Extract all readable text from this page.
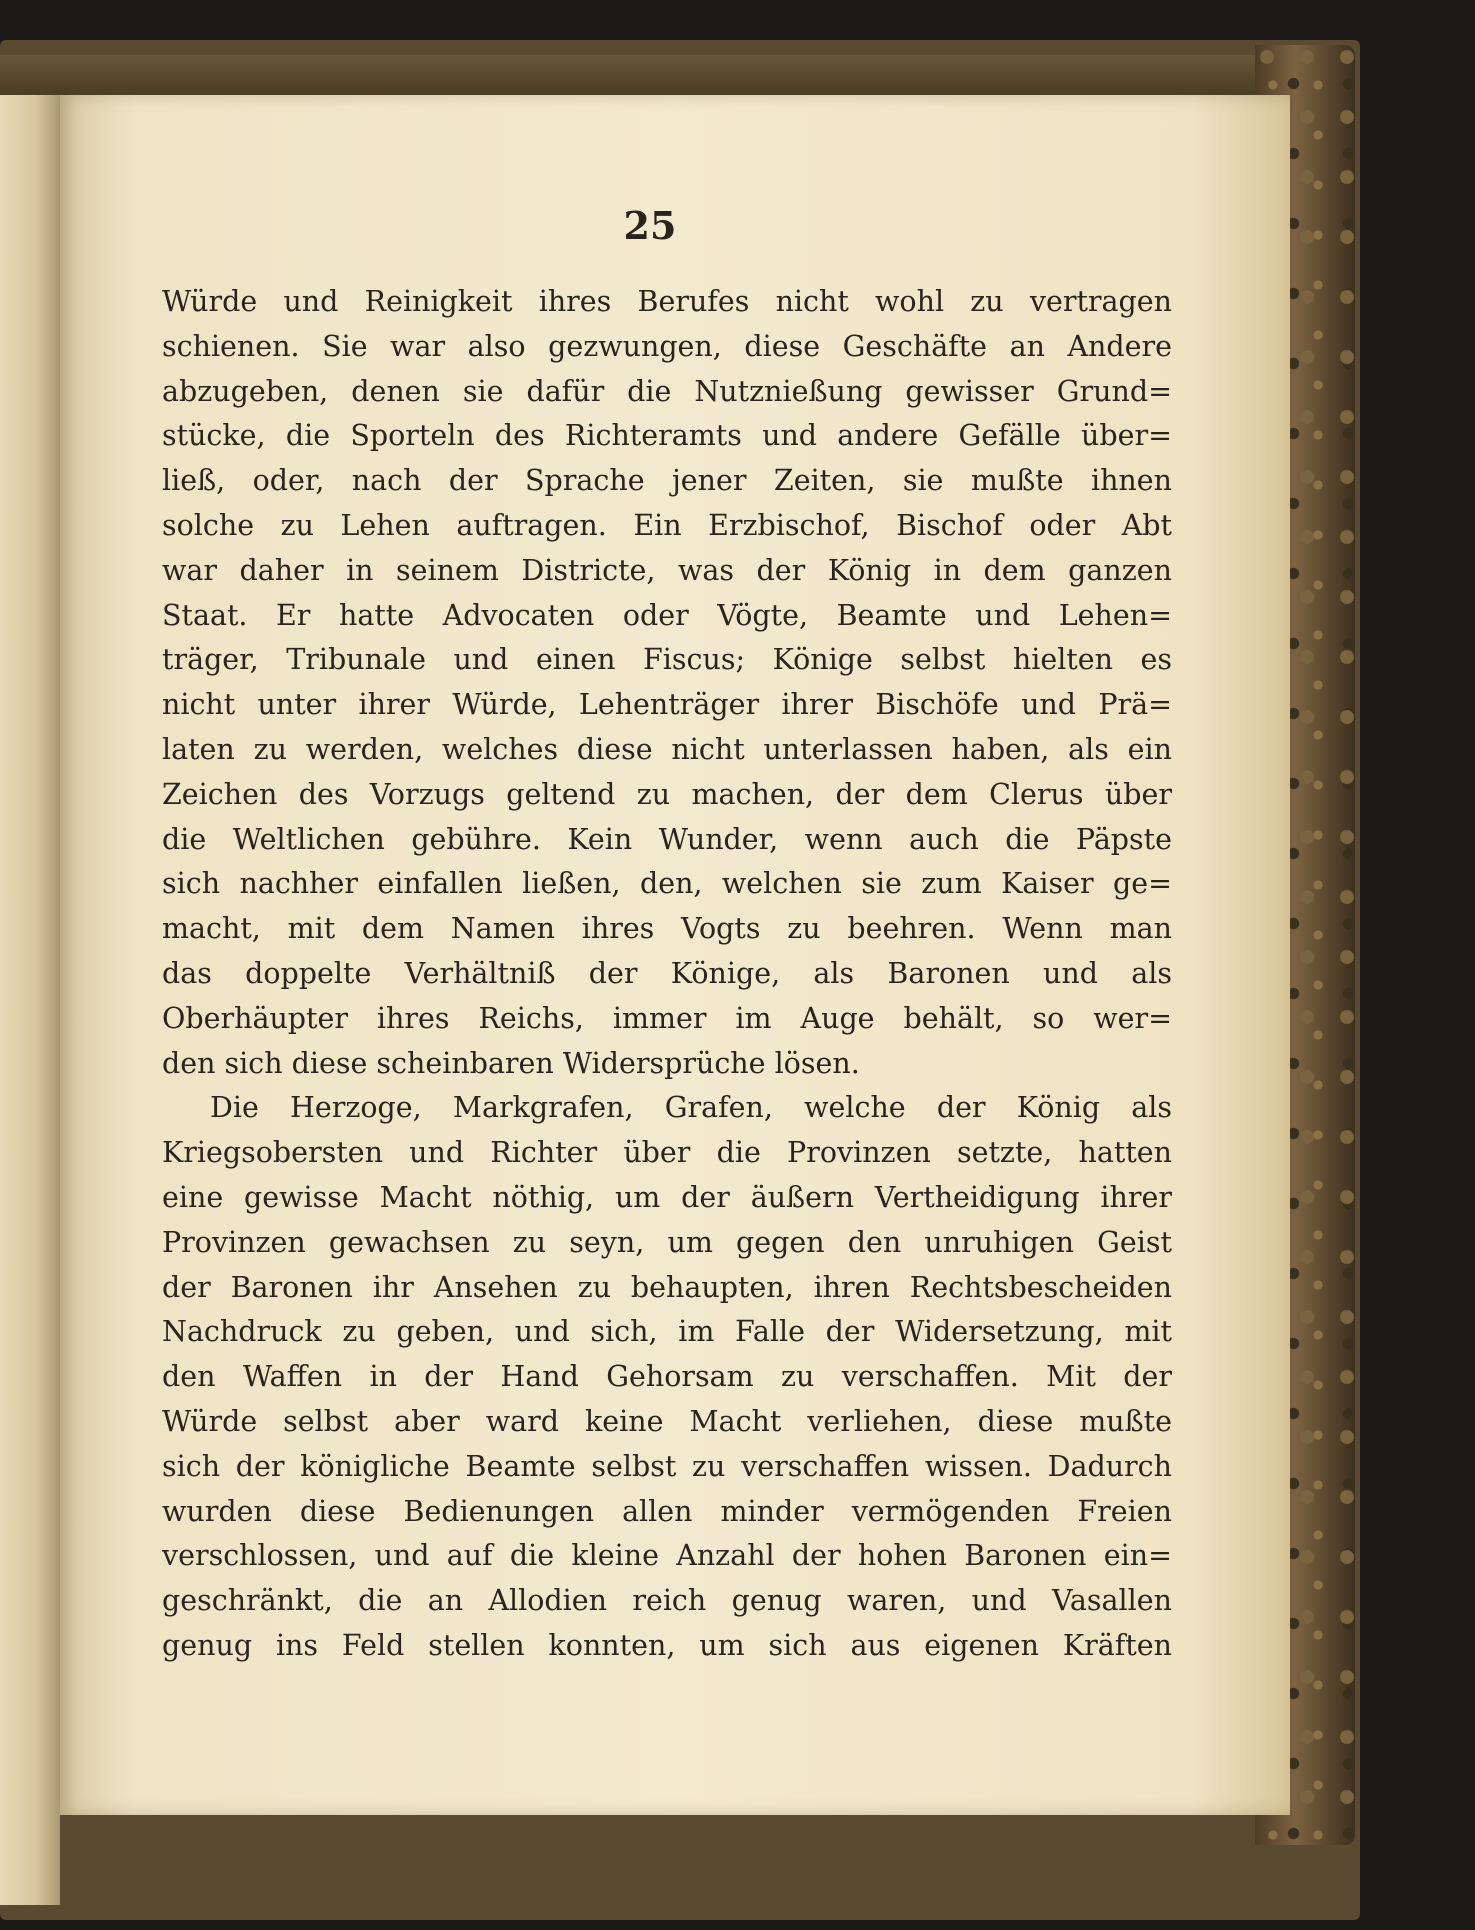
25
Würde und Reinigkeit ihres Berufes nicht wohl zu vertragen
schienen. Sie war also gezwungen, diese Geschäfte an Andere
abzugeben, denen sie dafür die Nutznießung gewisser Grund=
stücke, die Sporteln des Richteramts und andere Gefälle über=
ließ, oder, nach der Sprache jener Zeiten, sie mußte ihnen
solche zu Lehen auftragen. Ein Erzbischof, Bischof oder Abt
war daher in seinem Districte, was der König in dem ganzen
Staat. Er hatte Advocaten oder Vögte, Beamte und Lehen=
träger, Tribunale und einen Fiscus; Könige selbst hielten es
nicht unter ihrer Würde, Lehenträger ihrer Bischöfe und Prä=
laten zu werden, welches diese nicht unterlassen haben, als ein
Zeichen des Vorzugs geltend zu machen, der dem Clerus über
die Weltlichen gebühre. Kein Wunder, wenn auch die Päpste
sich nachher einfallen ließen, den, welchen sie zum Kaiser ge=
macht, mit dem Namen ihres Vogts zu beehren. Wenn man
das doppelte Verhältniß der Könige, als Baronen und als
Oberhäupter ihres Reichs, immer im Auge behält, so wer=
den sich diese scheinbaren Widersprüche lösen.
Die Herzoge, Markgrafen, Grafen, welche der König als
Kriegsobersten und Richter über die Provinzen setzte, hatten
eine gewisse Macht nöthig, um der äußern Vertheidigung ihrer
Provinzen gewachsen zu seyn, um gegen den unruhigen Geist
der Baronen ihr Ansehen zu behaupten, ihren Rechtsbescheiden
Nachdruck zu geben, und sich, im Falle der Widersetzung, mit
den Waffen in der Hand Gehorsam zu verschaffen. Mit der
Würde selbst aber ward keine Macht verliehen, diese mußte
sich der königliche Beamte selbst zu verschaffen wissen. Dadurch
wurden diese Bedienungen allen minder vermögenden Freien
verschlossen, und auf die kleine Anzahl der hohen Baronen ein=
geschränkt, die an Allodien reich genug waren, und Vasallen
genug ins Feld stellen konnten, um sich aus eigenen Kräften
